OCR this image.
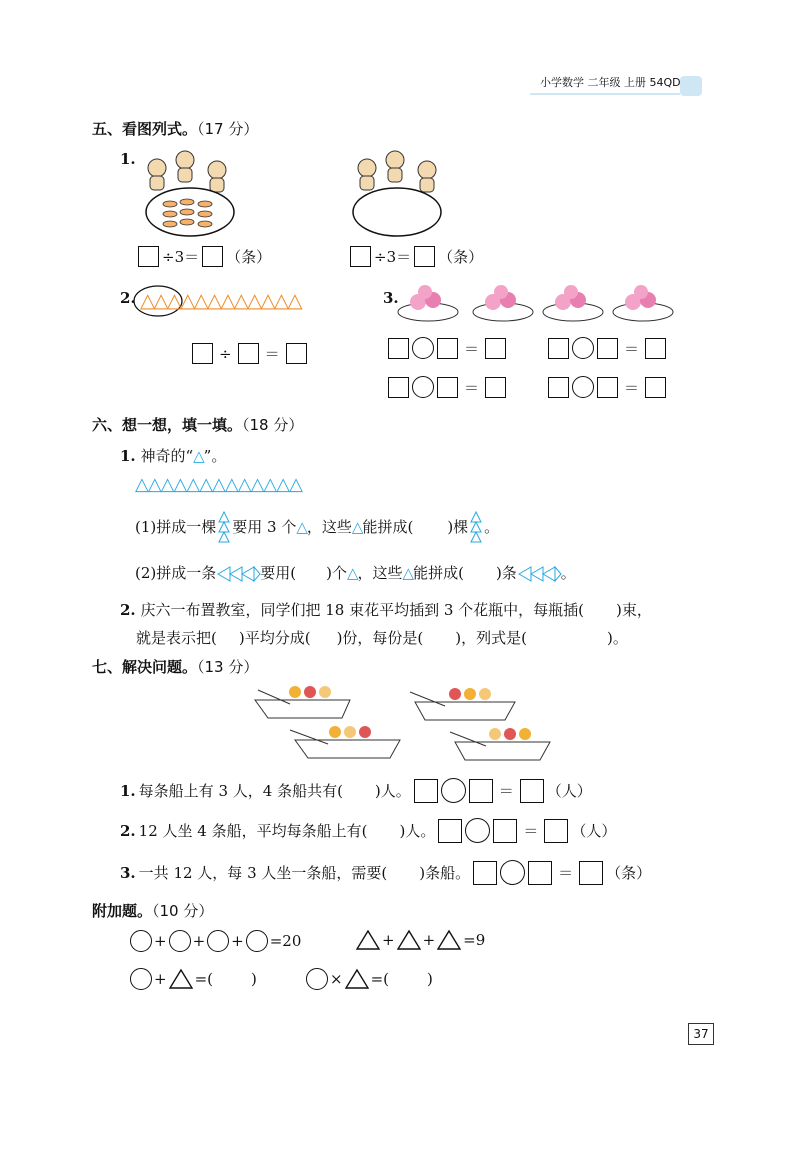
小学数学 二年级 上册 54QD
五、看图列式。（17 分）
1.
÷3＝ （条）	÷3＝ （条）
2. △△△△△△△△△△△△
÷ ＝
3.
＝	＝
＝	＝
六、想一想，填一填。（18 分）
1. 神奇的“△”。
△△△△△△△△△△△△△
(1)拼成一棵 要用 3 个△，这些△能拼成( )棵 。
(2)拼成一条	要用( )个△，这些△能拼成( )条	。
2. 庆六一布置教室，同学们把 18 束花平均插到 3 个花瓶中，每瓶插( )束，
就是表示把( )平均分成( )份，每份是( )，列式是(	)。
七、解决问题。（13 分）
1. 每条船上有 3 人，4 条船共有( )人。	＝ （人）
2. 12 人坐 4 条船，平均每条船上有( )人。	＝ （人）
3. 一共 12 人，每 3 人坐一条船，需要( )条船。	＝ （条）
附加题。（10 分）
+ + + =20	+ + =9
+ =(	)	× =(	)
37
